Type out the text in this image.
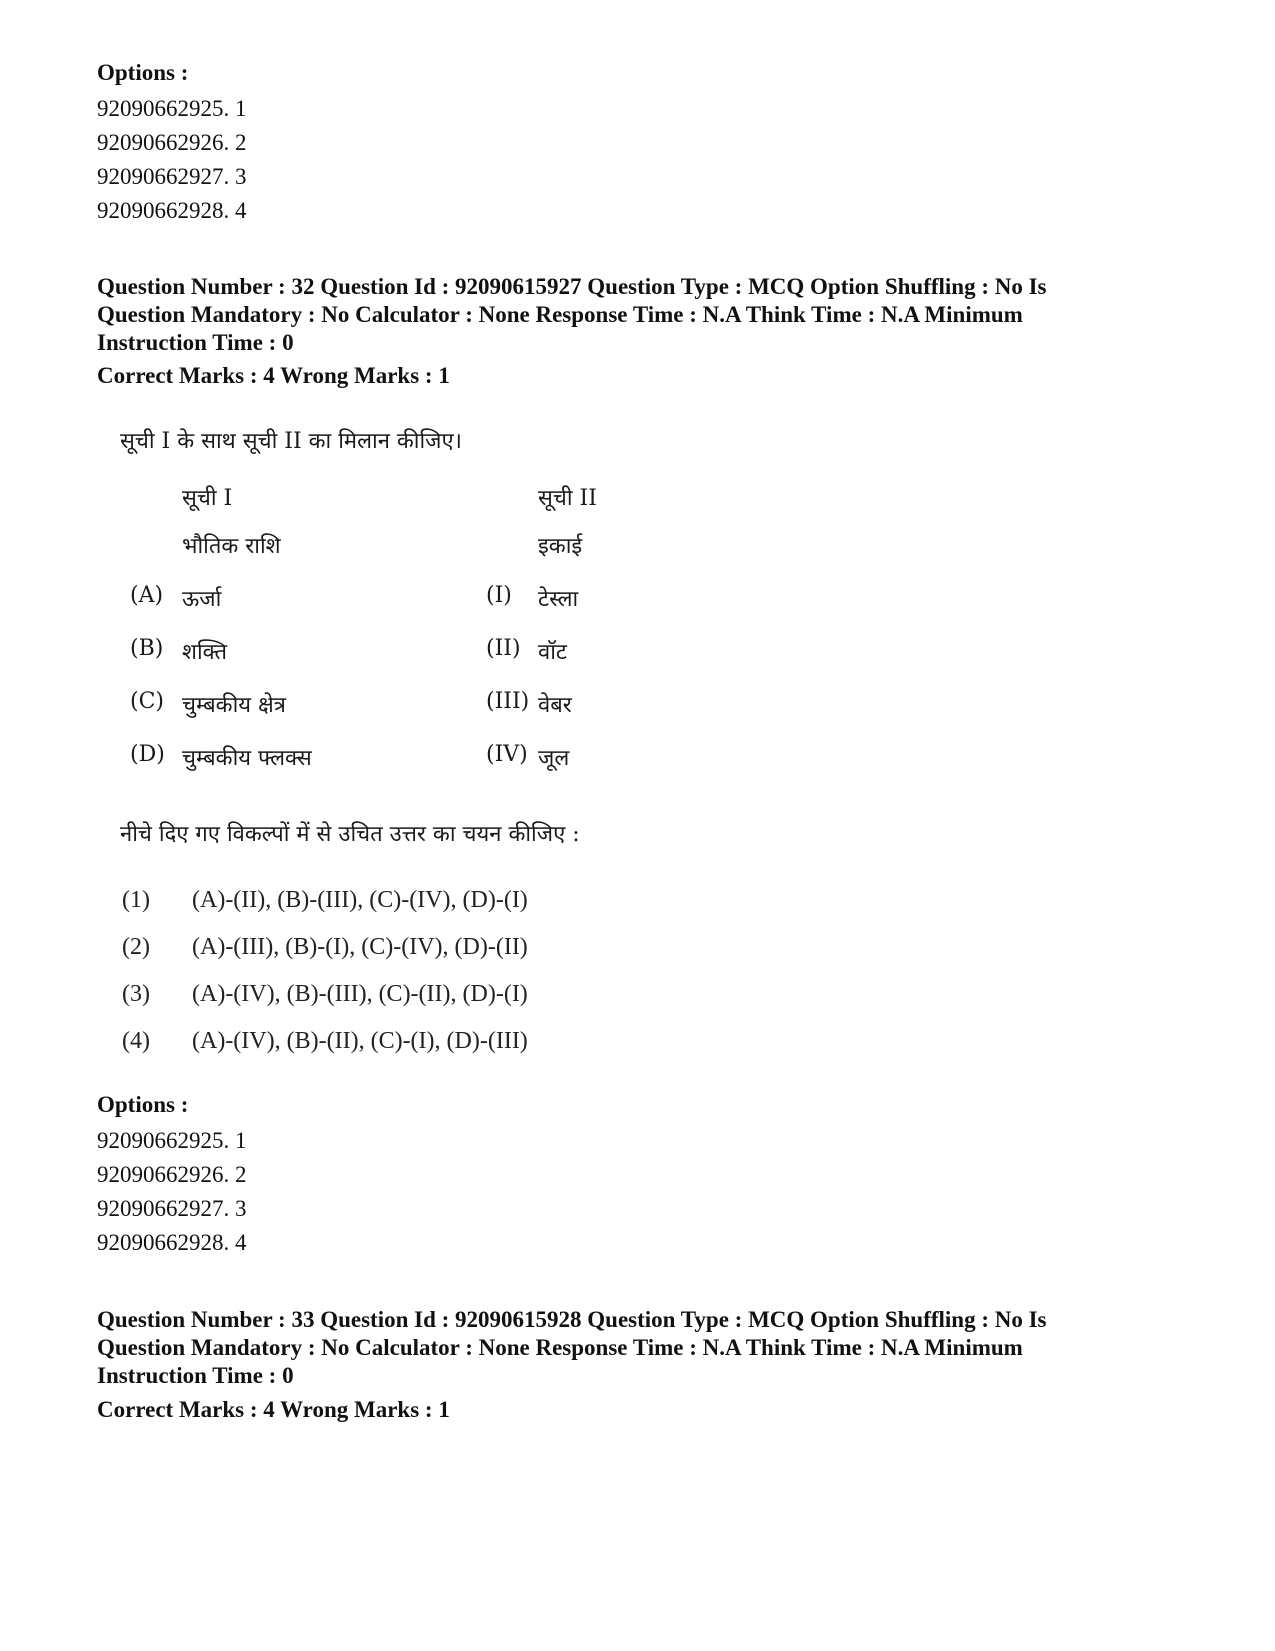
Options :
92090662925. 1
92090662926. 2
92090662927. 3
92090662928. 4
Question Number : 32 Question Id : 92090615927 Question Type : MCQ Option Shuffling : No Is
Question Mandatory : No Calculator : None Response Time : N.A Think Time : N.A Minimum
Instruction Time : 0
Correct Marks : 4 Wrong Marks : 1
सूची I के साथ सूची II का मिलान कीजिए।
सूची I	सूची II
भौतिक राशि	इकाई
(A) ऊर्जा	(I) टेस्ला
(B) शक्ति	(II) वॉट
(C) चुम्बकीय क्षेत्र	(III) वेबर
(D) चुम्बकीय फ्लक्स	(IV) जूल
नीचे दिए गए विकल्पों में से उचित उत्तर का चयन कीजिए :
(1) (A)-(II), (B)-(III), (C)-(IV), (D)-(I)
(2) (A)-(III), (B)-(I), (C)-(IV), (D)-(II)
(3) (A)-(IV), (B)-(III), (C)-(II), (D)-(I)
(4) (A)-(IV), (B)-(II), (C)-(I), (D)-(III)
Options :
92090662925. 1
92090662926. 2
92090662927. 3
92090662928. 4
Question Number : 33 Question Id : 92090615928 Question Type : MCQ Option Shuffling : No Is
Question Mandatory : No Calculator : None Response Time : N.A Think Time : N.A Minimum
Instruction Time : 0
Correct Marks : 4 Wrong Marks : 1
